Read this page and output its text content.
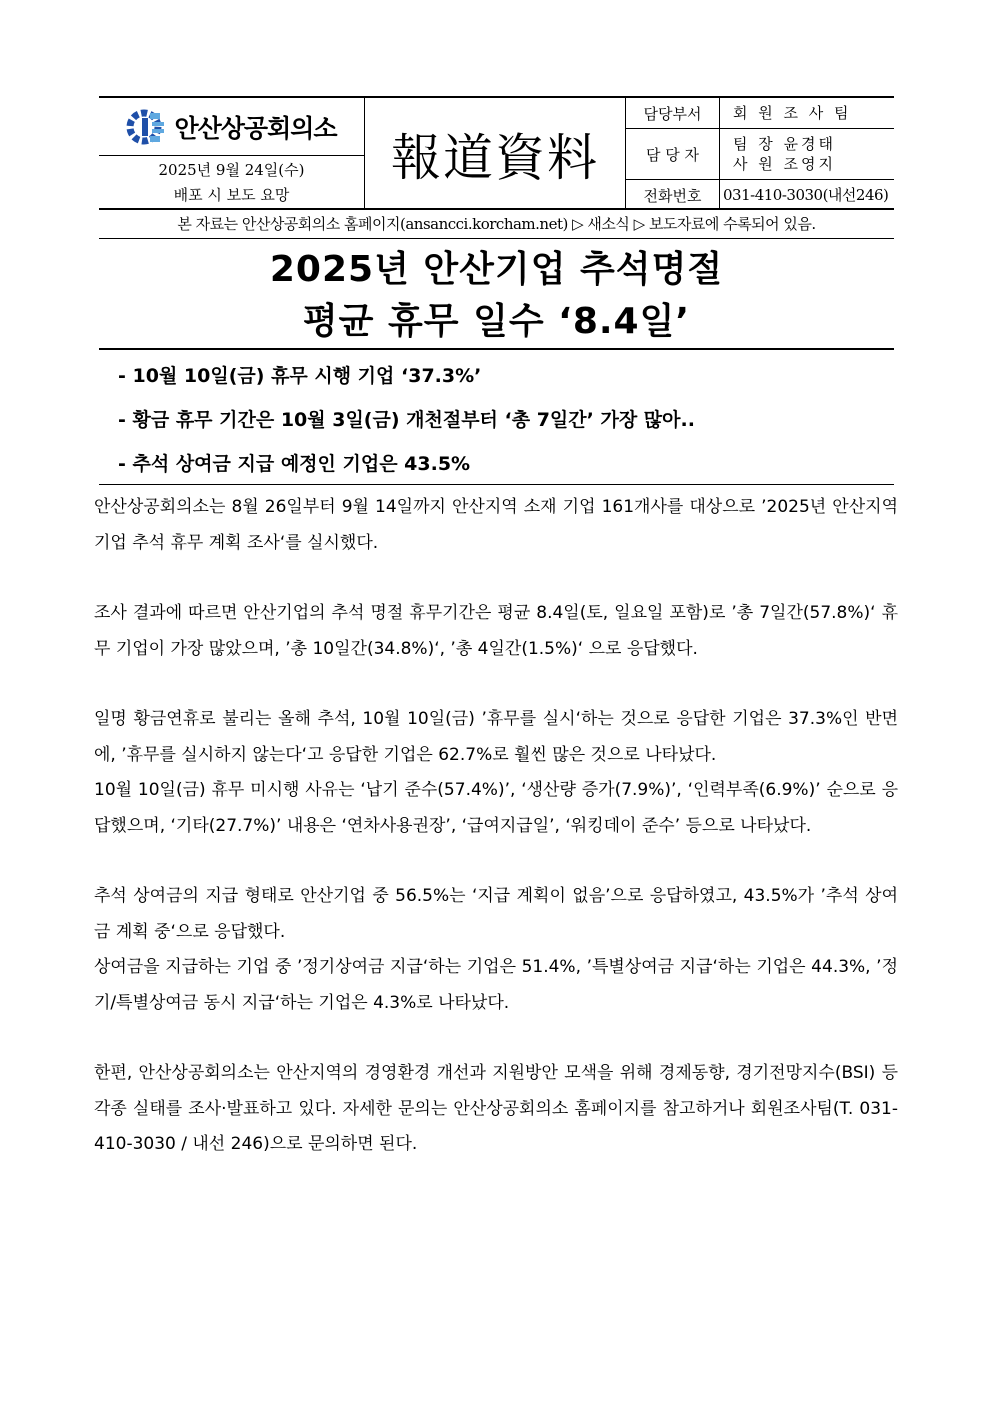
안산상공회의소
2025년 9월 24일(수)
배포 시 보도 요망
報道資料
담당부서	회 원 조 사 팀
담 당 자
팀 장 윤경태
사 원 조영지
전화번호	031-410-3030(내선246)
본 자료는 안산상공회의소 홈페이지(ansancci.korcham.net) ▷ 새소식 ▷ 보도자료에 수록되어 있음.
2025년 안산기업 추석명절
평균 휴무 일수 ‘8.4일’
- 10월 10일(금) 휴무 시행 기업 ‘37.3%’
- 황금 휴무 기간은 10월 3일(금) 개천절부터 ‘총 7일간’ 가장 많아..
- 추석 상여금 지급 예정인 기업은 43.5%

안산상공회의소는 8월 26일부터 9월 14일까지 안산지역 소재 기업 161개사를 대상으로 ’2025년 안산지역 기업 추석 휴무 계획 조사‘를 실시했다.

조사 결과에 따르면 안산기업의 추석 명절 휴무기간은 평균 8.4일(토, 일요일 포함)로 ’총 7일간(57.8%)‘ 휴무 기업이 가장 많았으며, ’총 10일간(34.8%)‘, ’총 4일간(1.5%)‘ 으로 응답했다.

일명 황금연휴로 불리는 올해 추석, 10월 10일(금) ’휴무를 실시‘하는 것으로 응답한 기업은 37.3%인 반면에, ’휴무를 실시하지 않는다‘고 응답한 기업은 62.7%로 훨씬 많은 것으로 나타났다.

10월 10일(금) 휴무 미시행 사유는 ‘납기 준수(57.4%)’, ‘생산량 증가(7.9%)’, ‘인력부족(6.9%)’ 순으로 응답했으며, ‘기타(27.7%)’ 내용은 ‘연차사용권장’, ‘급여지급일’, ‘워킹데이 준수’ 등으로 나타났다.

추석 상여금의 지급 형태로 안산기업 중 56.5%는 ‘지급 계획이 없음’으로 응답하였고, 43.5%가 ’추석 상여금 계획 중‘으로 응답했다.

상여금을 지급하는 기업 중 ’정기상여금 지급‘하는 기업은 51.4%, ’특별상여금 지급‘하는 기업은 44.3%, ’정기/특별상여금 동시 지급‘하는 기업은 4.3%로 나타났다.

한편, 안산상공회의소는 안산지역의 경영환경 개선과 지원방안 모색을 위해 경제동향, 경기전망지수(BSI) 등 각종 실태를 조사·발표하고 있다. 자세한 문의는 안산상공회의소 홈페이지를 참고하거나 회원조사팀(T. 031-410-3030 / 내선 246)으로 문의하면 된다.
